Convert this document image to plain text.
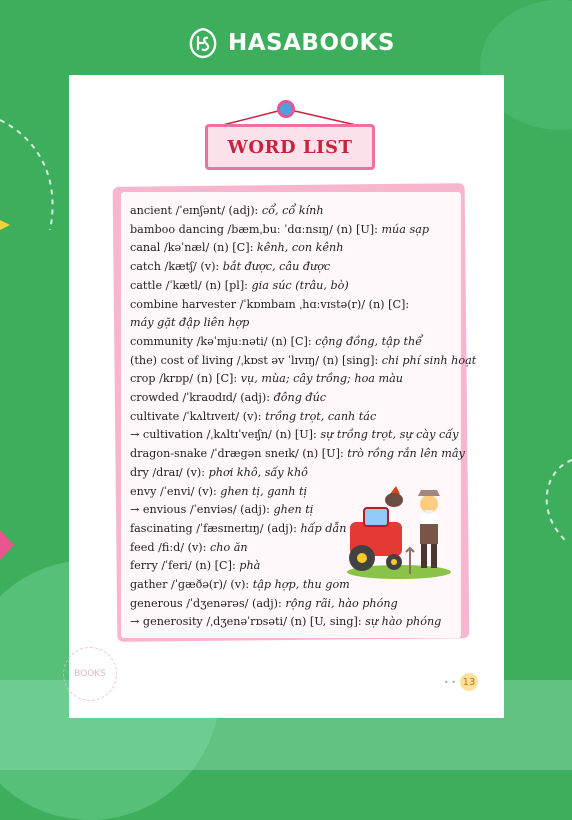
HASABOOKS
WORD LIST
ancient /ˈeɪnʃənt/ (adj): cổ, cổ kính
bamboo dancing /bæmˌbuː ˈdɑːnsɪŋ/ (n) [U]: múa sạp
canal /kəˈnæl/ (n) [C]: kênh, con kênh
catch /kætʃ/ (v): bắt được, câu được
cattle /ˈkætl/ (n) [pl]: gia súc (trâu, bò)
combine harvester /ˈkɒmbaɪn ˌhɑːvɪstə(r)/ (n) [C]: máy gặt đập liên hợp
community /kəˈmjuːnəti/ (n) [C]: cộng đồng, tập thể
(the) cost of living /ˌkɒst əv ˈlɪvɪŋ/ (n) [sing]: chi phí sinh hoạt
crop /krɒp/ (n) [C]: vụ, mùa; cây trồng; hoa màu
crowded /ˈkraʊdɪd/ (adj): đông đúc
cultivate /ˈkʌltɪveɪt/ (v): trồng trọt, canh tác
→ cultivation /ˌkʌltɪˈveɪʃn/ (n) [U]: sự trồng trọt, sự cày cấy
dragon-snake /ˈdræɡən sneɪk/ (n) [U]: trò rồng rắn lên mây
dry /draɪ/ (v): phơi khô, sấy khô
envy /ˈenvi/ (v): ghen tị, ganh tị
→ envious /ˈenviəs/ (adj): ghen tị
fascinating /ˈfæsɪneɪtɪŋ/ (adj): hấp dẫn
feed /fiːd/ (v): cho ăn
ferry /ˈferi/ (n) [C]: phà
gather /ˈɡæðə(r)/ (v): tập hợp, thu gom
generous /ˈdʒenərəs/ (adj): rộng rãi, hào phóng
→ generosity /ˌdʒenəˈrɒsəti/ (n) [U, sing]: sự hào phóng
BOOKS
• • 13
